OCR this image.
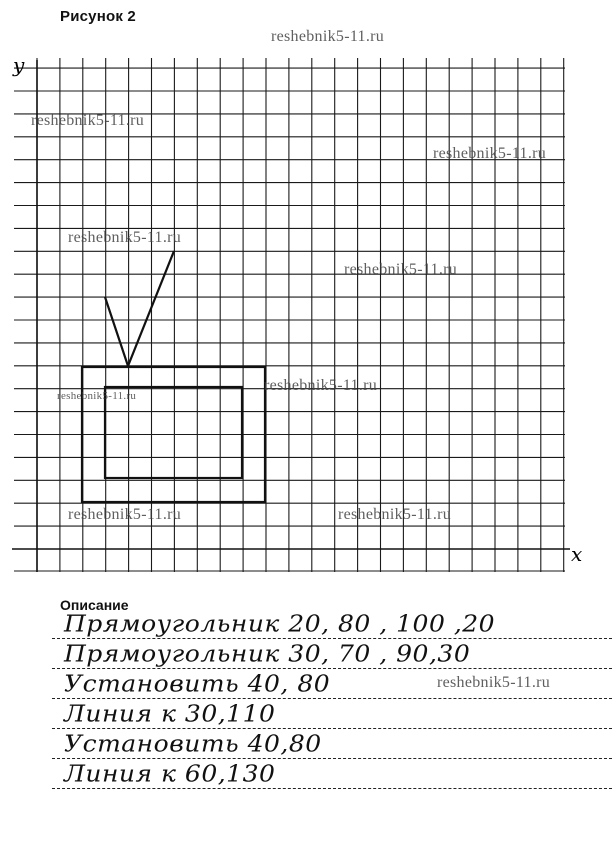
Рисунок 2
y
x
reshebnik5-11.ru
reshebnik5-11.ru
reshebnik5-11.ru
reshebnik5-11.ru
reshebnik5-11.ru
reshebnik5-11.ru
reshebnik5-11.ru
reshebnik5-11.ru	reshebnik5-11.ru
reshebnik5-11.ru
Описание
Прямоугольник 20, 80 , 100 ,20
Прямоугольник 30, 70 , 90,30
Установить 40, 80
Линия к 30,110
Установить 40,80
Линия к 60,130
